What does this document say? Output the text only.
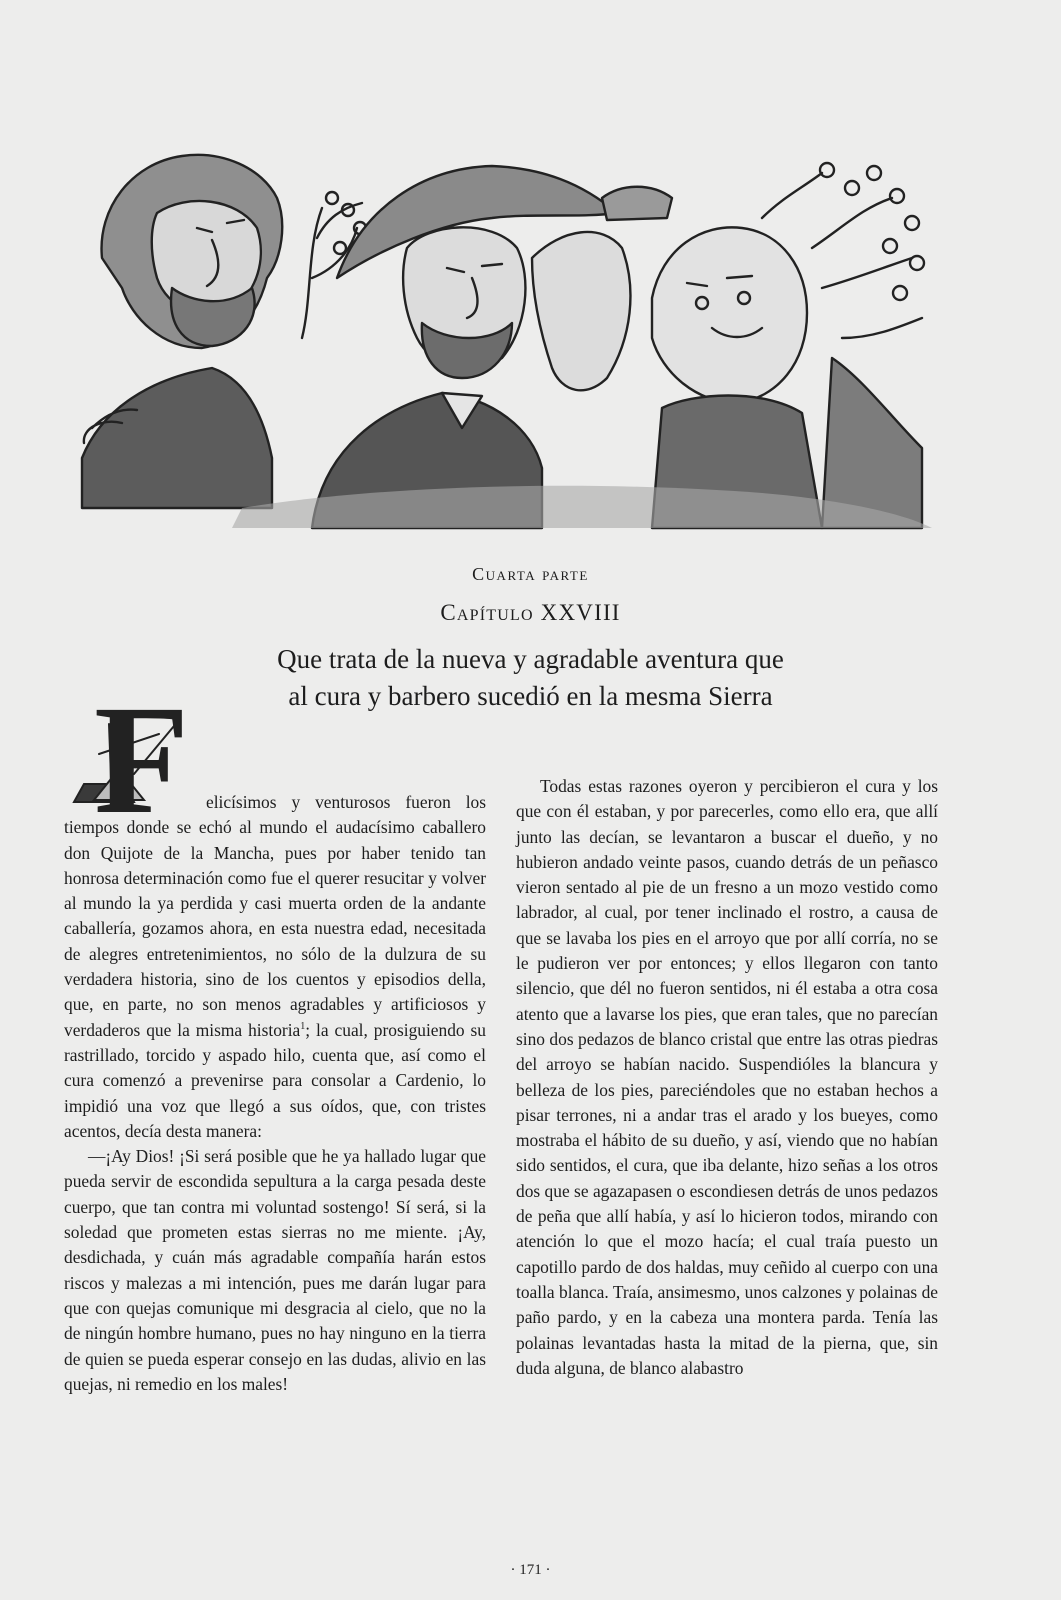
Cuarta parte
Capítulo XXVIII
Que trata de la nueva y agradable aventura que
al cura y barbero sucedió en la mesma Sierra

F elicísimos y venturosos fueron los tiempos donde se echó al mundo el audacísimo caballero don Quijote de la Mancha, pues por haber tenido tan honrosa determinación como fue el querer resucitar y volver al mundo la ya perdida y casi muerta orden de la andante caballería, gozamos ahora, en esta nuestra edad, necesitada de alegres entretenimientos, no sólo de la dulzura de su verdadera historia, sino de los cuentos y episodios della, que, en parte, no son menos agradables y artificiosos y verdaderos que la misma historia$^1$; la cual, prosiguiendo su rastrillado, torcido y aspado hilo, cuenta que, así como el cura comenzó a prevenirse para consolar a Cardenio, lo impidió una voz que llegó a sus oídos, que, con tristes acentos, decía desta manera:

—¡Ay Dios! ¡Si será posible que he ya hallado lugar que pueda servir de escondida sepultura a la carga pesada deste cuerpo, que tan contra mi voluntad sostengo! Sí será, si la soledad que prometen estas sierras no me miente. ¡Ay, desdichada, y cuán más agradable compañía harán estos riscos y malezas a mi intención, pues me darán lugar para que con quejas comunique mi desgracia al cielo, que no la de ningún hombre humano, pues no hay ninguno en la tierra de quien se pueda esperar consejo en las dudas, alivio en las quejas, ni remedio en los males!

Todas estas razones oyeron y percibieron el cura y los que con él estaban, y por parecerles, como ello era, que allí junto las decían, se levantaron a buscar el dueño, y no hubieron andado veinte pasos, cuando detrás de un peñasco vieron sentado al pie de un fresno a un mozo vestido como labrador, al cual, por tener inclinado el rostro, a causa de que se lavaba los pies en el arroyo que por allí corría, no se le pudieron ver por entonces; y ellos llegaron con tanto silencio, que dél no fueron sentidos, ni él estaba a otra cosa atento que a lavarse los pies, que eran tales, que no parecían sino dos pedazos de blanco cristal que entre las otras piedras del arroyo se habían nacido. Suspendióles la blancura y belleza de los pies, pareciéndoles que no estaban hechos a pisar terrones, ni a andar tras el arado y los bueyes, como mostraba el hábito de su dueño, y así, viendo que no habían sido sentidos, el cura, que iba delante, hizo señas a los otros dos que se agazapasen o escondiesen detrás de unos pedazos de peña que allí había, y así lo hicieron todos, mirando con atención lo que el mozo hacía; el cual traía puesto un capotillo pardo de dos haldas, muy ceñido al cuerpo con una toalla blanca. Traía, ansimesmo, unos calzones y polainas de paño pardo, y en la cabeza una montera parda. Tenía las polainas levantadas hasta la mitad de la pierna, que, sin duda alguna, de blanco alabastro

· 171 ·
